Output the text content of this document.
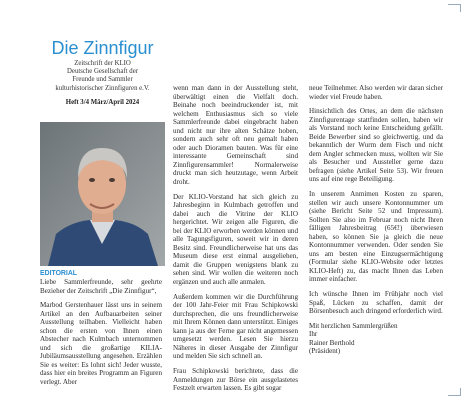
Die Zinnfigur
Zeitschrift der KLIO
Deutsche Gesellschaft der
Freunde und Sammler
kulturhistorischer Zinnfiguren e.V.
Heft 3/4 März/April 2024
EDITORIAL

Liebe Sammlerfreunde, sehr geehrte Bezieher der Zeitschrift „Die Zinnfigur“,

Marbod Gerstenhauer lässt uns in seinem Artikel an den Aufbauarbeiten seiner Ausstellung teilhaben. Vielleicht haben schon die ersten von Ihnen einen Abstecher nach Kulmbach unternommen und sich die großartige KILIA-Jubiläumsausstellung angesehen. Erzählen Sie es weiter: Es lohnt sich! Jeder wusste, dass hier ein breites Programm an Figuren verlegt. Aber

wenn man dann in der Ausstellung steht, überwältigt einen die Vielfalt doch. Beinahe noch beeindruckender ist, mit welchem Enthusiasmus sich so viele Sammlerfreunde dabei eingebracht haben und nicht nur ihre alten Schätze hoben, sondern auch sehr oft neu gemalt haben oder auch Dioramen bauten. Was für eine interessante Gemeinschaft sind Zinnfigurensammler! Normalerweise druckt man sich heutzutage, wenn Arbeit droht.

Der KLIO-Vorstand hat sich gleich zu Jahresbeginn in Kulmbach getroffen und dabei auch die Vitrine der KLIO hergerichtet. Wir zeigen alle Figuren, die bei der KLIO erworben werden können und alle Tagungsfiguren, soweit wir in deren Besitz sind. Freundlicherweise hat uns das Museum diese erst einmal ausgeliehen, damit die Gruppen wenigstens blank zu sehen sind. Wir wollen die weiteren noch ergänzen und auch alle anmalen.

Außerdem kommen wir die Durchführung der 100 Jahr-Feier mit Frau Schipkowski durchsprechen, die uns freundlicherweise mit Ihrem Können dann unterstützt. Einiges kann ja aus der Ferne gar nicht angemessen umgesetzt werden. Lesen Sie hierzu Näheres in dieser Ausgabe der Zinnfigur und melden Sie sich schnell an.

Frau Schipkowski berichtete, dass die Anmeldungen zur Börse ein ausgelastetes Festzelt erwarten lassen. Es gibt sogar

neue Teilnehmer. Also werden wir daran sicher wieder viel Freude haben.

Hinsichtlich des Ortes, an dem die nächsten Zinnfigurentage stattfinden sollen, haben wir als Vorstand noch keine Entscheidung gefällt. Beide Bewerber sind so gleichwertig, und da bekanntlich der Wurm dem Fisch und nicht dem Angler schmecken muss, wollten wir Sie als Besucher und Aussteller gerne dazu befragen (siehe Artikel Seite 53). Wir freuen uns auf eine rege Beteiligung.

In unserem Anmimen Kosten zu sparen, stellen wir auch unsere Kontonnummer um (siehe Bericht Seite 52 und Impressum). Sollten Sie also im Februar noch nicht Ihren fälligen Jahresbeitrag (65€!) überwiesen haben, so können Sie ja gleich die neue Kontonnummer verwenden. Oder senden Sie uns am besten eine Einzugsermächtigung (Formular siehe KLIO-Website oder letztes KLIO-Heft) zu, das macht Ihnen das Leben immer einfacher.

Ich wünsche Ihnen im Frühjahr noch viel Spaß, Lücken zu schaffen, damit der Börsenbesuch auch dringend erforderlich wird.

Mit herzlichen Sammlergrüßen

Ihr

Rainer Berthold

(Präsident)
